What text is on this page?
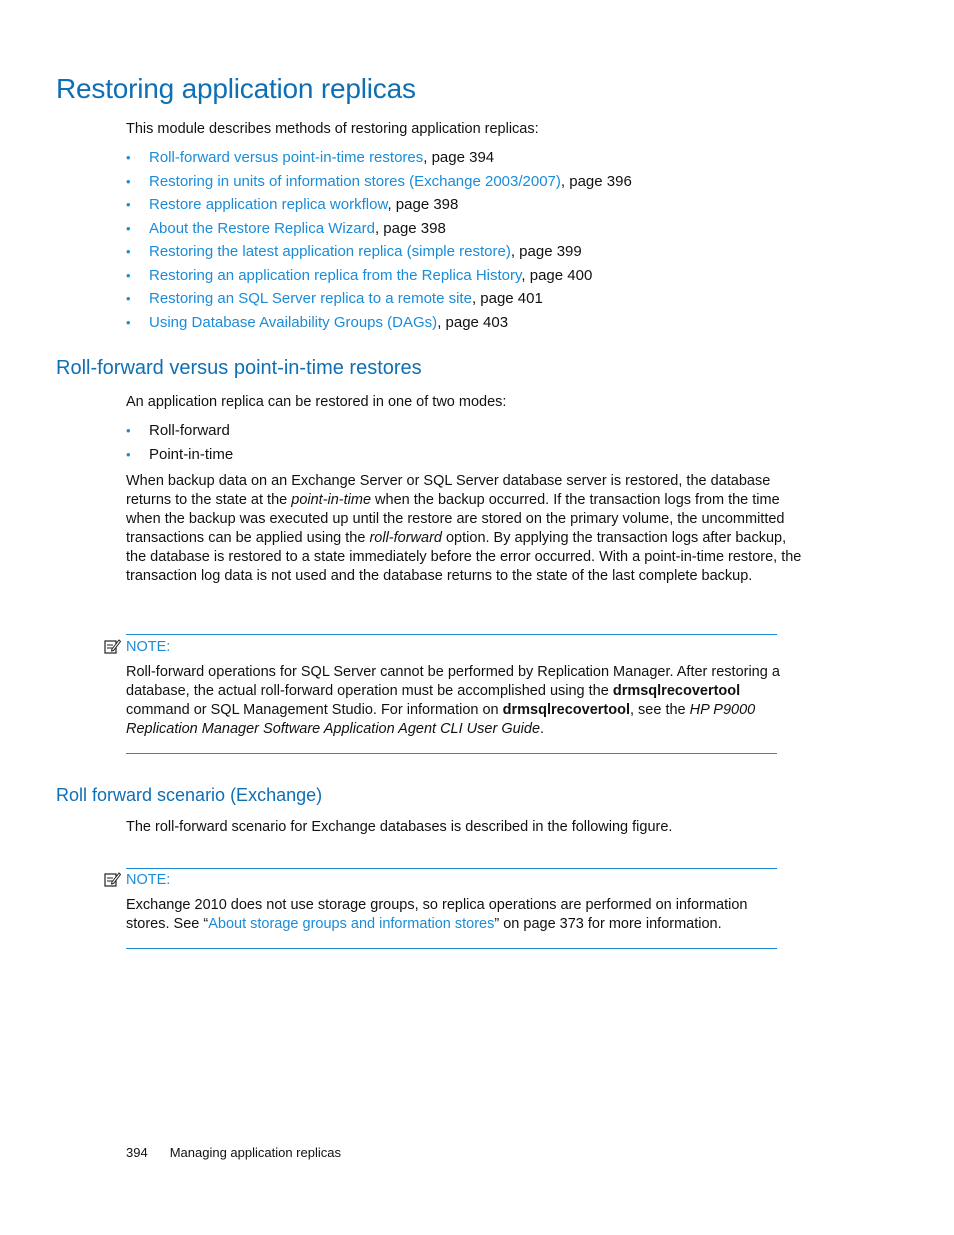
Restoring application replicas

This module describes methods of restoring application replicas:

• Roll-forward versus point-in-time restores, page 394
• Restoring in units of information stores (Exchange 2003/2007), page 396
• Restore application replica workflow, page 398
• About the Restore Replica Wizard, page 398
• Restoring the latest application replica (simple restore), page 399
• Restoring an application replica from the Replica History, page 400
• Restoring an SQL Server replica to a remote site, page 401
• Using Database Availability Groups (DAGs), page 403
Roll-forward versus point-in-time restores

An application replica can be restored in one of two modes:

• Roll-forward
• Point-in-time

When backup data on an Exchange Server or SQL Server database server is restored, the database returns to the state at the point-in-time when the backup occurred. If the transaction logs from the time when the backup was executed up until the restore are stored on the primary volume, the uncommitted transactions can be applied using the roll-forward option. By applying the transaction logs after backup, the database is restored to a state immediately before the error occurred. With a point-in-time restore, the transaction log data is not used and the database returns to the state of the last complete backup.

NOTE:

Roll-forward operations for SQL Server cannot be performed by Replication Manager. After restoring a database, the actual roll-forward operation must be accomplished using the drmsqlrecovertool command or SQL Management Studio. For information on drmsqlrecovertool, see the HP P9000 Replication Manager Software Application Agent CLI User Guide.

Roll forward scenario (Exchange)

The roll-forward scenario for Exchange databases is described in the following figure.

NOTE:

Exchange 2010 does not use storage groups, so replica operations are performed on information stores. See “About storage groups and information stores” on page 373 for more information.

394 Managing application replicas
